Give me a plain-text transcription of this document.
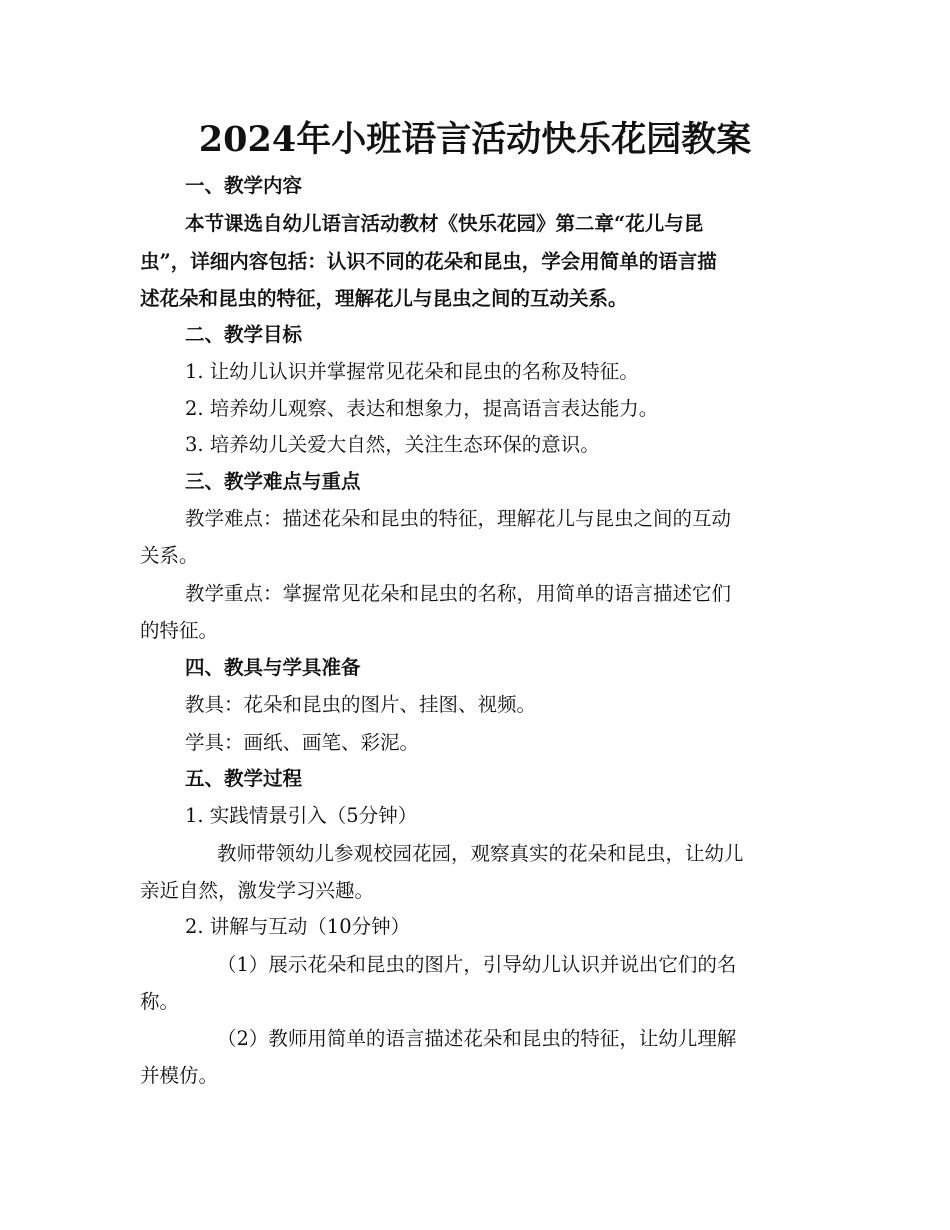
2024年小班语言活动快乐花园教案
一、教学内容
本节课选自幼儿语言活动教材《快乐花园》第二章“花儿与昆
虫”，详细内容包括：认识不同的花朵和昆虫，学会用简单的语言描
述花朵和昆虫的特征，理解花儿与昆虫之间的互动关系。
二、教学目标
1. 让幼儿认识并掌握常见花朵和昆虫的名称及特征。
2. 培养幼儿观察、表达和想象力，提高语言表达能力。
3. 培养幼儿关爱大自然，关注生态环保的意识。
三、教学难点与重点
教学难点：描述花朵和昆虫的特征，理解花儿与昆虫之间的互动
关系。
教学重点：掌握常见花朵和昆虫的名称，用简单的语言描述它们
的特征。
四、教具与学具准备
教具：花朵和昆虫的图片、挂图、视频。
学具：画纸、画笔、彩泥。
五、教学过程
1. 实践情景引入（5分钟）
教师带领幼儿参观校园花园，观察真实的花朵和昆虫，让幼儿
亲近自然，激发学习兴趣。
2. 讲解与互动（10分钟）
（1）展示花朵和昆虫的图片，引导幼儿认识并说出它们的名
称。
（2）教师用简单的语言描述花朵和昆虫的特征，让幼儿理解
并模仿。
